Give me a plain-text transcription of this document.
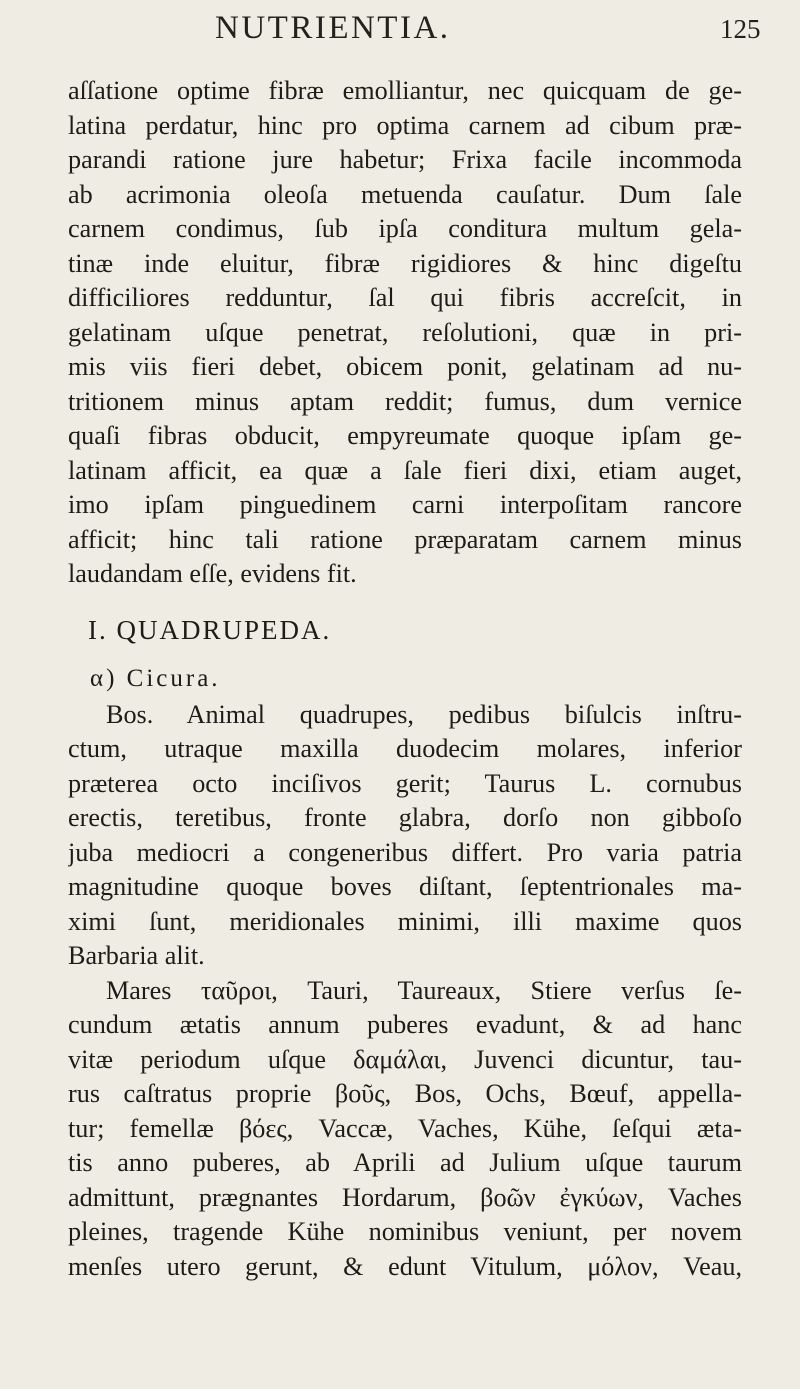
NUTRIENTIA.	125
aſſatione optime fibræ emolliantur, nec quicquam de ge-
latina perdatur, hinc pro optima carnem ad cibum præ-
parandi ratione jure habetur; Frixa facile incommoda
ab acrimonia oleoſa metuenda cauſatur. Dum ſale
carnem condimus, ſub ipſa conditura multum gela-
tinæ inde eluitur, fibræ rigidiores & hinc digeſtu
difficiliores redduntur, ſal qui fibris accreſcit, in
gelatinam uſque penetrat, reſolutioni, quæ in pri-
mis viis fieri debet, obicem ponit, gelatinam ad nu-
tritionem minus aptam reddit; fumus, dum vernice
quaſi fibras obducit, empyreumate quoque ipſam ge-
latinam afficit, ea quæ a ſale fieri dixi, etiam auget,
imo ipſam pinguedinem carni interpoſitam rancore
afficit; hinc tali ratione præparatam carnem minus
laudandam eſſe, evidens fit.
I. QUADRUPEDA.
α) Cicura.
Bos. Animal quadrupes, pedibus biſulcis inſtru-
ctum, utraque maxilla duodecim molares, inferior
præterea octo inciſivos gerit; Taurus L. cornubus
erectis, teretibus, fronte glabra, dorſo non gibboſo
juba mediocri a congeneribus differt. Pro varia patria
magnitudine quoque boves diſtant, ſeptentrionales ma-
ximi ſunt, meridionales minimi, illi maxime quos
Barbaria alit.
Mares ταῦροι, Tauri, Taureaux, Stiere verſus ſe-
cundum ætatis annum puberes evadunt, & ad hanc
vitæ periodum uſque δαμάλαι, Juvenci dicuntur, tau-
rus caſtratus proprie βοῦς, Bos, Ochs, Bœuf, appella-
tur; femellæ βόες, Vaccæ, Vaches, Kühe, ſeſqui æta-
tis anno puberes, ab Aprili ad Julium uſque taurum
admittunt, prægnantes Hordarum, βοῶν ἐγκύων, Vaches
pleines, tragende Kühe nominibus veniunt, per novem
menſes utero gerunt, & edunt Vitulum, μόλον, Veau,
